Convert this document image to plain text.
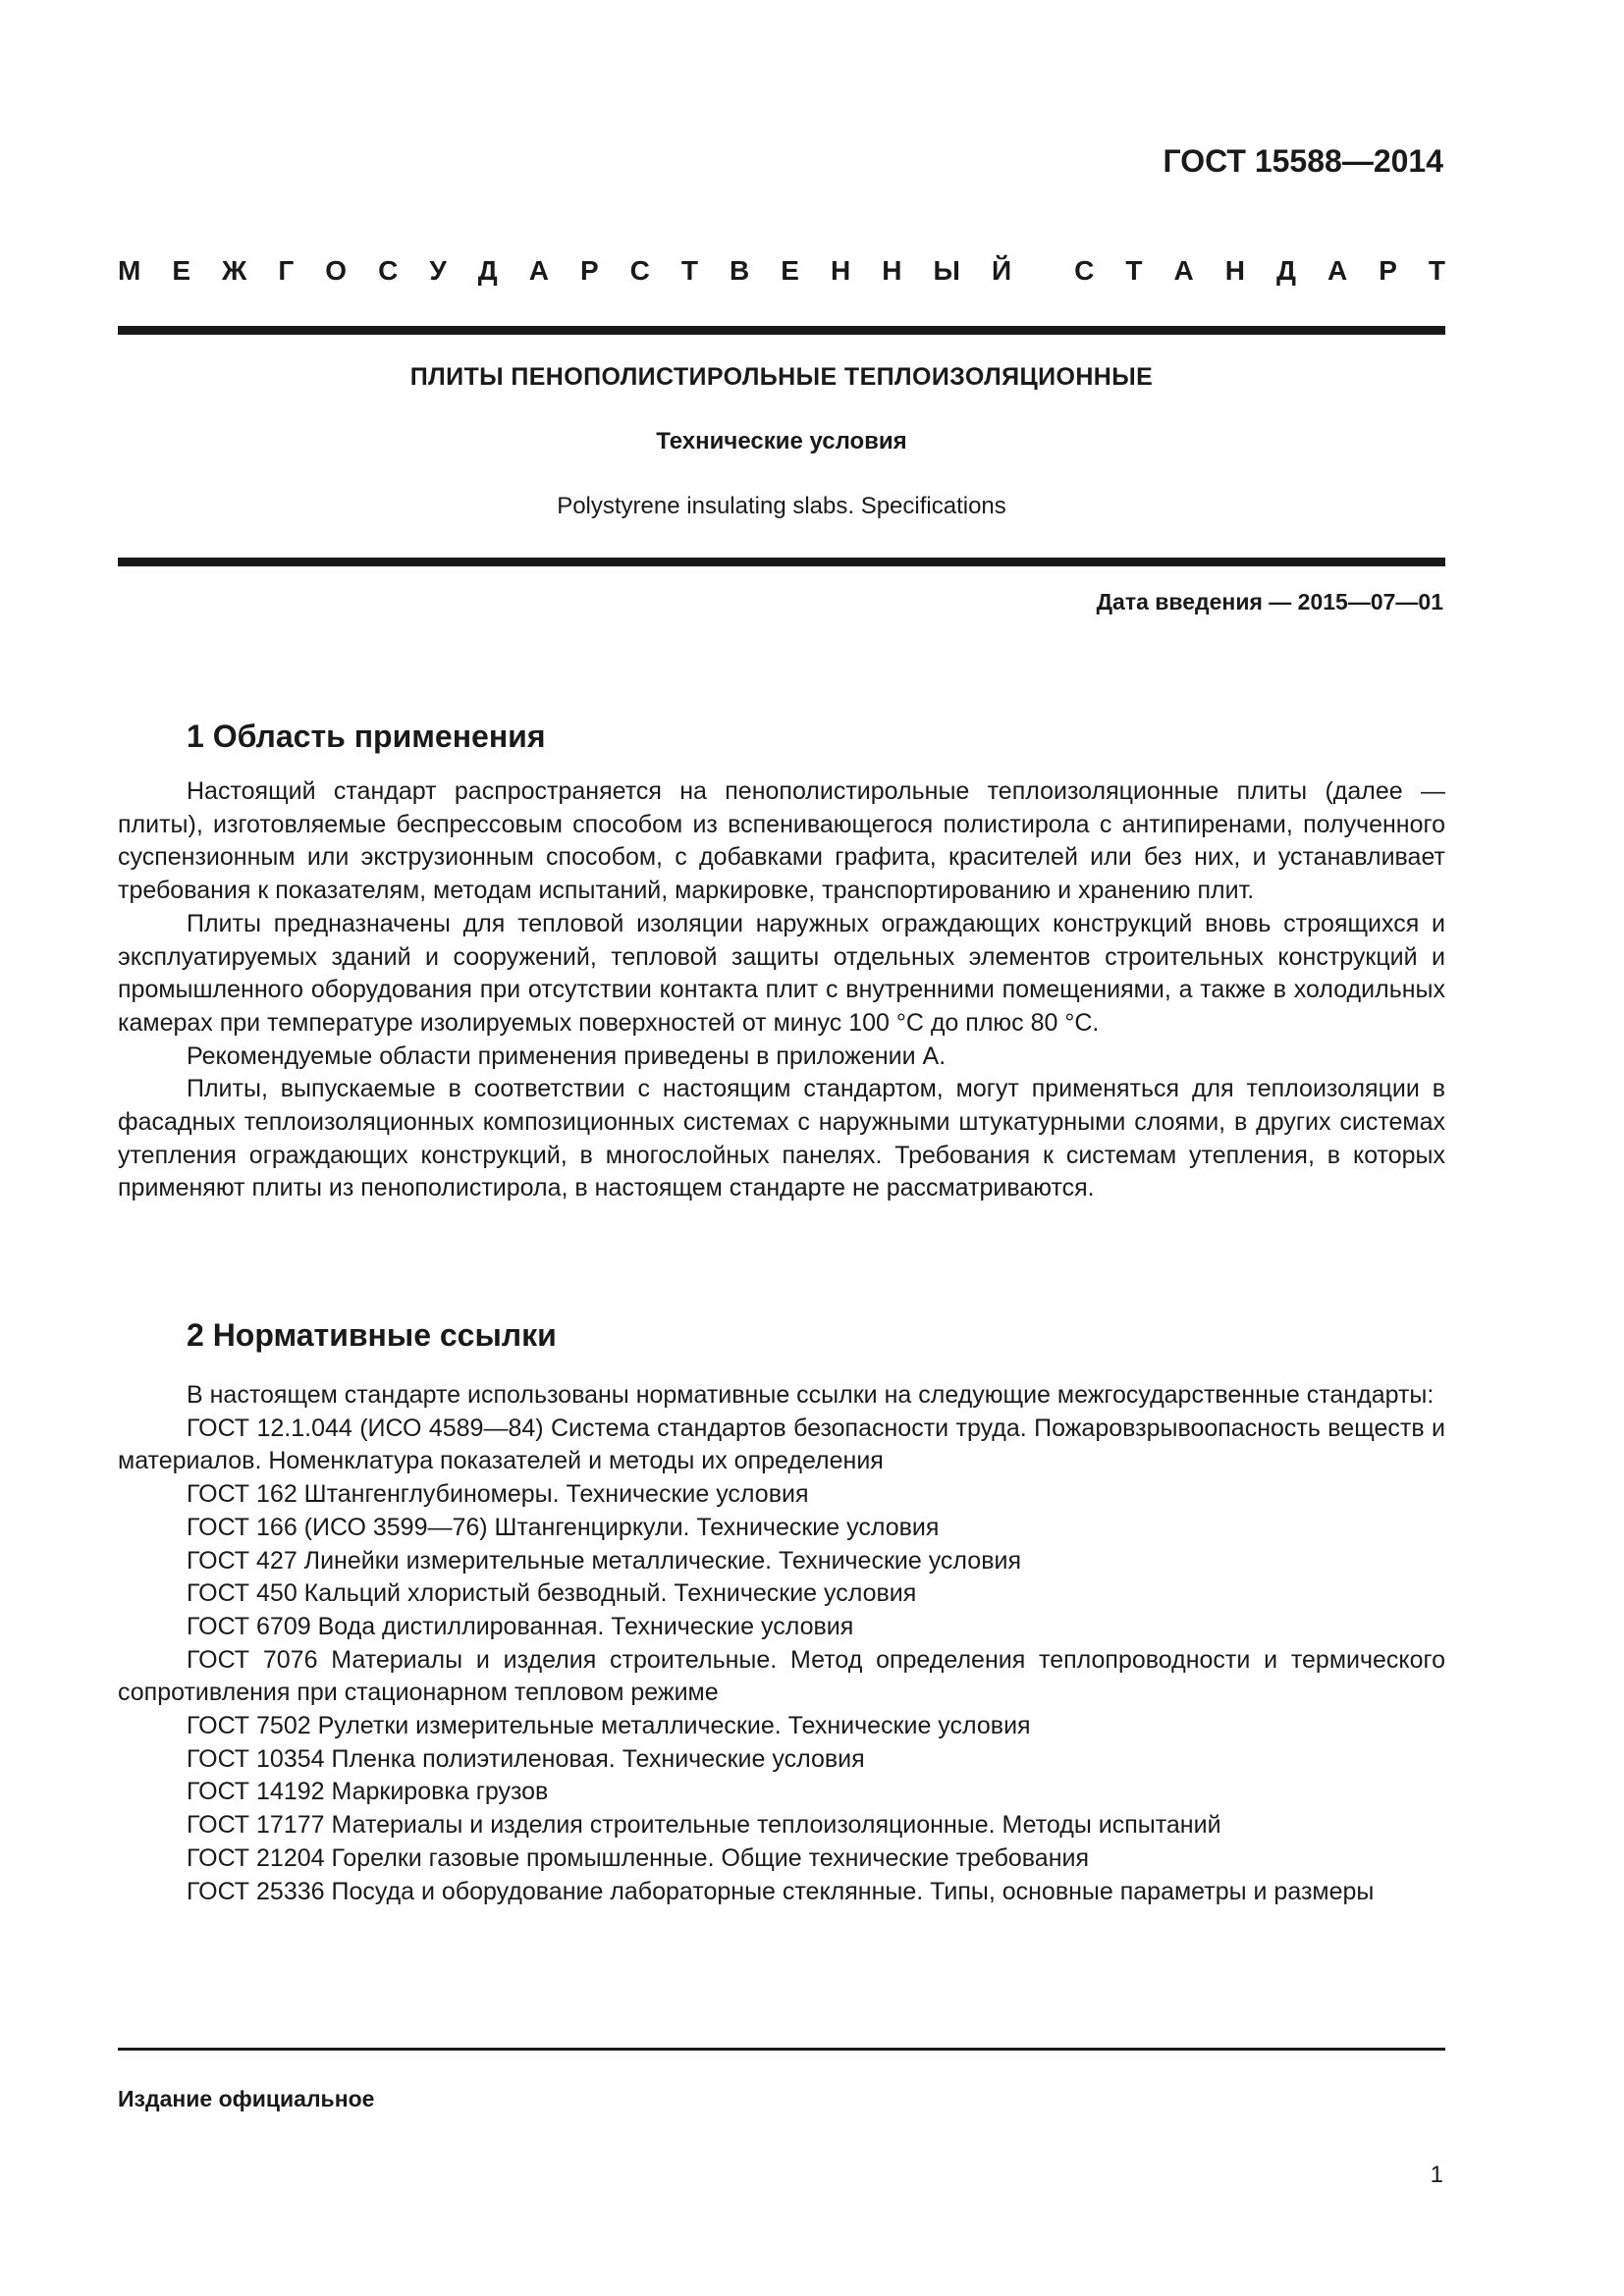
ГОСТ 15588—2014
М Е Ж Г О С У Д А Р С Т В Е Н Н Ы Й С Т А Н Д А Р Т
ПЛИТЫ ПЕНОПОЛИСТИРОЛЬНЫЕ ТЕПЛОИЗОЛЯЦИОННЫЕ
Технические условия
Polystyrene insulating slabs. Specifications
Дата введения — 2015—07—01
1 Область применения

Настоящий стандарт распространяется на пенополистирольные теплоизоляционные плиты (далее — плиты), изготовляемые беспрессовым способом из вспенивающегося полистирола с антипиренами, полученного суспензионным или экструзионным способом, с добавками графита, красителей или без них, и устанавливает требования к показателям, методам испытаний, маркировке, транспортированию и хранению плит.

Плиты предназначены для тепловой изоляции наружных ограждающих конструкций вновь строящихся и эксплуатируемых зданий и сооружений, тепловой защиты отдельных элементов строительных конструкций и промышленного оборудования при отсутствии контакта плит с внутренними помещениями, а также в холодильных камерах при температуре изолируемых поверхностей от минус 100 °С до плюс 80 °С.

Рекомендуемые области применения приведены в приложении А.

Плиты, выпускаемые в соответствии с настоящим стандартом, могут применяться для теплоизоляции в фасадных теплоизоляционных композиционных системах с наружными штукатурными слоями, в других системах утепления ограждающих конструкций, в многослойных панелях. Требования к системам утепления, в которых применяют плиты из пенополистирола, в настоящем стандарте не рассматриваются.

2 Нормативные ссылки

В настоящем стандарте использованы нормативные ссылки на следующие межгосударственные стандарты:

ГОСТ 12.1.044 (ИСО 4589—84) Система стандартов безопасности труда. Пожаровзрывоопасность веществ и материалов. Номенклатура показателей и методы их определения

ГОСТ 162 Штангенглубиномеры. Технические условия

ГОСТ 166 (ИСО 3599—76) Штангенциркули. Технические условия

ГОСТ 427 Линейки измерительные металлические. Технические условия

ГОСТ 450 Кальций хлористый безводный. Технические условия

ГОСТ 6709 Вода дистиллированная. Технические условия

ГОСТ 7076 Материалы и изделия строительные. Метод определения теплопроводности и термического сопротивления при стационарном тепловом режиме

ГОСТ 7502 Рулетки измерительные металлические. Технические условия

ГОСТ 10354 Пленка полиэтиленовая. Технические условия

ГОСТ 14192 Маркировка грузов

ГОСТ 17177 Материалы и изделия строительные теплоизоляционные. Методы испытаний

ГОСТ 21204 Горелки газовые промышленные. Общие технические требования

ГОСТ 25336 Посуда и оборудование лабораторные стеклянные. Типы, основные параметры и размеры

Издание официальное
1
